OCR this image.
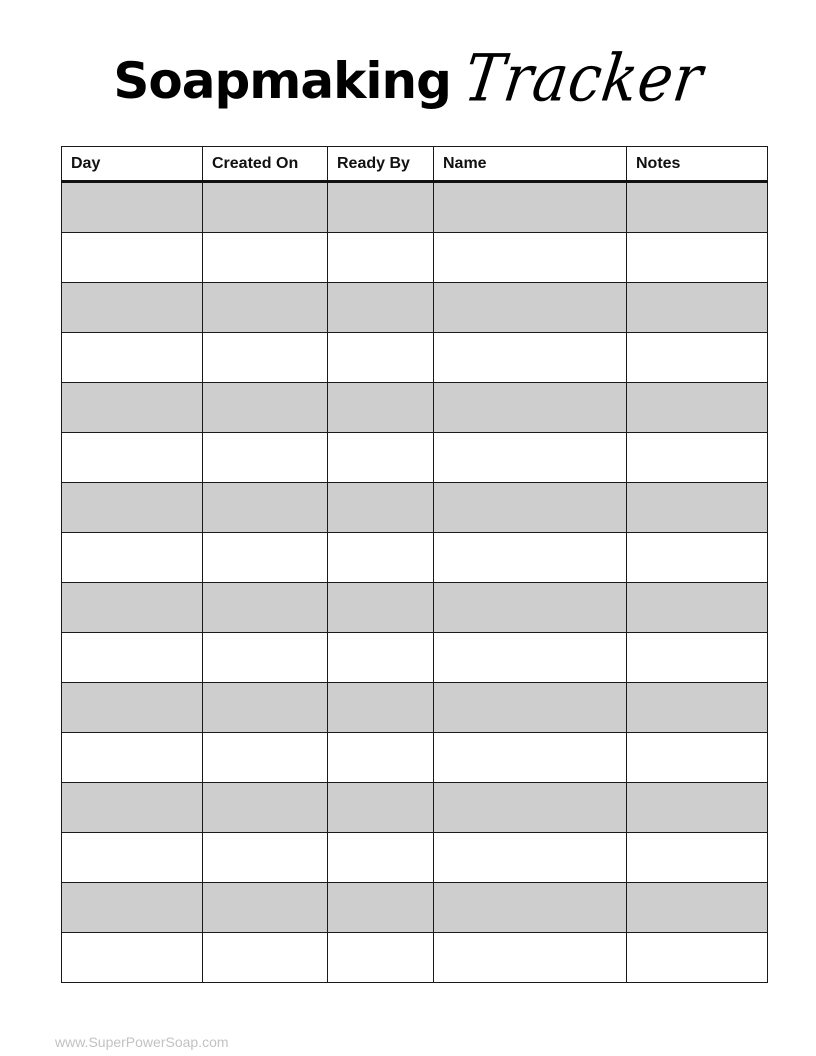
Soapmaking Tracker
Day	Created On	Ready By	Name	Notes

www.SuperPowerSoap.com
